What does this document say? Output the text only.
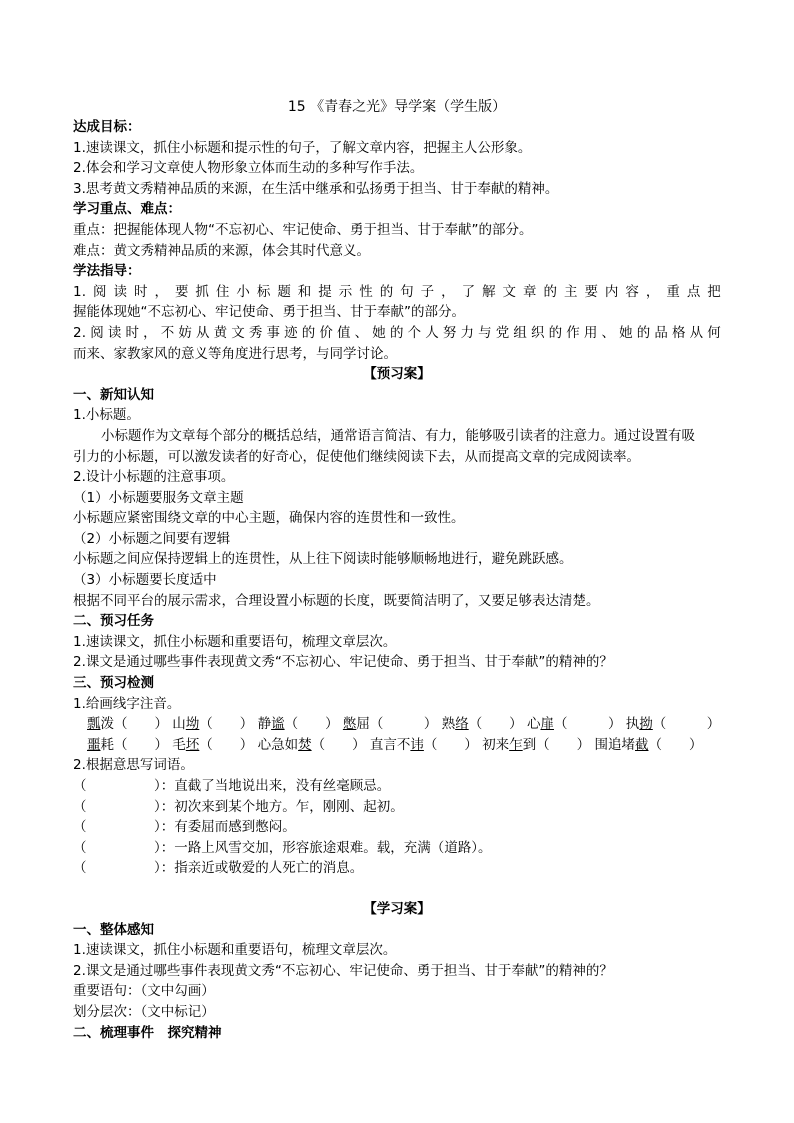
15 《青春之光》导学案（学生版）
达成目标：
1.速读课文，抓住小标题和提示性的句子，了解文章内容，把握主人公形象。
2.体会和学习文章使人物形象立体而生动的多种写作手法。
3.思考黄文秀精神品质的来源，在生活中继承和弘扬勇于担当、甘于奉献的精神。
学习重点、难点：
重点：把握能体现人物“不忘初心、牢记使命、勇于担当、甘于奉献”的部分。
难点：黄文秀精神品质的来源，体会其时代意义。
学法指导：
1.阅读时，要抓住小标题和提示性的句子，了解文章的主要内容，重点把
握能体现她“不忘初心、牢记使命、勇于担当、甘于奉献”的部分。
2.阅读时，不妨从黄文秀事迹的价值、她的个人努力与党组织的作用、她的品格从何
而来、家教家风的意义等角度进行思考，与同学讨论。
【预习案】
一、新知认知
1.小标题。
小标题作为文章每个部分的概括总结，通常语言简洁、有力，能够吸引读者的注意力。通过设置有吸
引力的小标题，可以激发读者的好奇心，促使他们继续阅读下去，从而提高文章的完成阅读率。
2.设计小标题的注意事项。
（1）小标题要服务文章主题
小标题应紧密围绕文章的中心主题，确保内容的连贯性和一致性。
（2）小标题之间要有逻辑
小标题之间应保持逻辑上的连贯性，从上往下阅读时能够顺畅地进行，避免跳跃感。
（3）小标题要长度适中
根据不同平台的展示需求，合理设置小标题的长度，既要简洁明了，又要足够表达清楚。
二、预习任务
1.速读课文，抓住小标题和重要语句，梳理文章层次。
2.课文是通过哪些事件表现黄文秀“不忘初心、牢记使命、勇于担当、甘于奉献”的精神的？
三、预习检测
1.给画线字注音。
瓢泼（　　） 山坳（　　） 静谧（　　） 憋屈（　　　） 熟络（　　） 心扉（　　　） 执拗（　　　）
噩耗（　　） 毛坯（　　） 心急如焚（　　） 直言不讳（　　） 初来乍到（　　） 围追堵截（　　）
2.根据意思写词语。
（　　　　　）：直截了当地说出来，没有丝毫顾忌。
（　　　　　）：初次来到某个地方。乍，刚刚、起初。
（　　　　　）：有委屈而感到憋闷。
（　　　　　）：一路上风雪交加，形容旅途艰难。载，充满（道路）。
（　　　　　）：指亲近或敬爱的人死亡的消息。
【学习案】
一、整体感知
1.速读课文，抓住小标题和重要语句，梳理文章层次。
2.课文是通过哪些事件表现黄文秀“不忘初心、牢记使命、勇于担当、甘于奉献”的精神的？
重要语句：（文中勾画）
划分层次：（文中标记）
二、梳理事件　探究精神
